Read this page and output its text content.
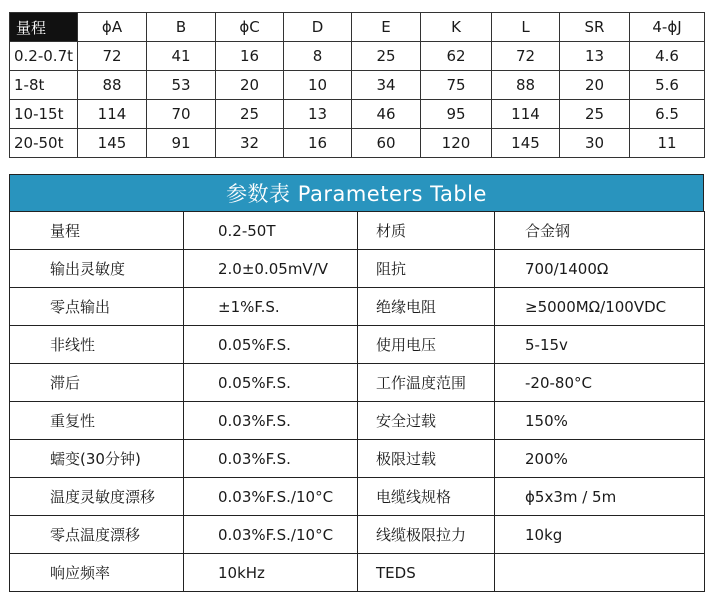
量程	ϕA	B	ϕC	D	E	K	L	SR	4-ϕJ
0.2-0.7t	72	41	16	8	25	62	72	13	4.6
1-8t	88	53	20	10	34	75	88	20	5.6
10-15t	114	70	25	13	46	95	114	25	6.5
20-50t	145	91	32	16	60	120	145	30	11
参数表 Parameters Table
量程	0.2-50T	材质	合金钢
输出灵敏度	2.0±0.05mV/V	阻抗	700/1400Ω
零点输出	±1%F.S.	绝缘电阻	≥5000MΩ/100VDC
非线性	0.05%F.S.	使用电压	5-15v
滞后	0.05%F.S.	工作温度范围	-20-80°C
重复性	0.03%F.S.	安全过载	150%
蠕变(30分钟)	0.03%F.S.	极限过载	200%
温度灵敏度漂移	0.03%F.S./10°C	电缆线规格	ϕ5x3m / 5m
零点温度漂移	0.03%F.S./10°C	线缆极限拉力	10kg
响应频率	10kHz	TEDS	
